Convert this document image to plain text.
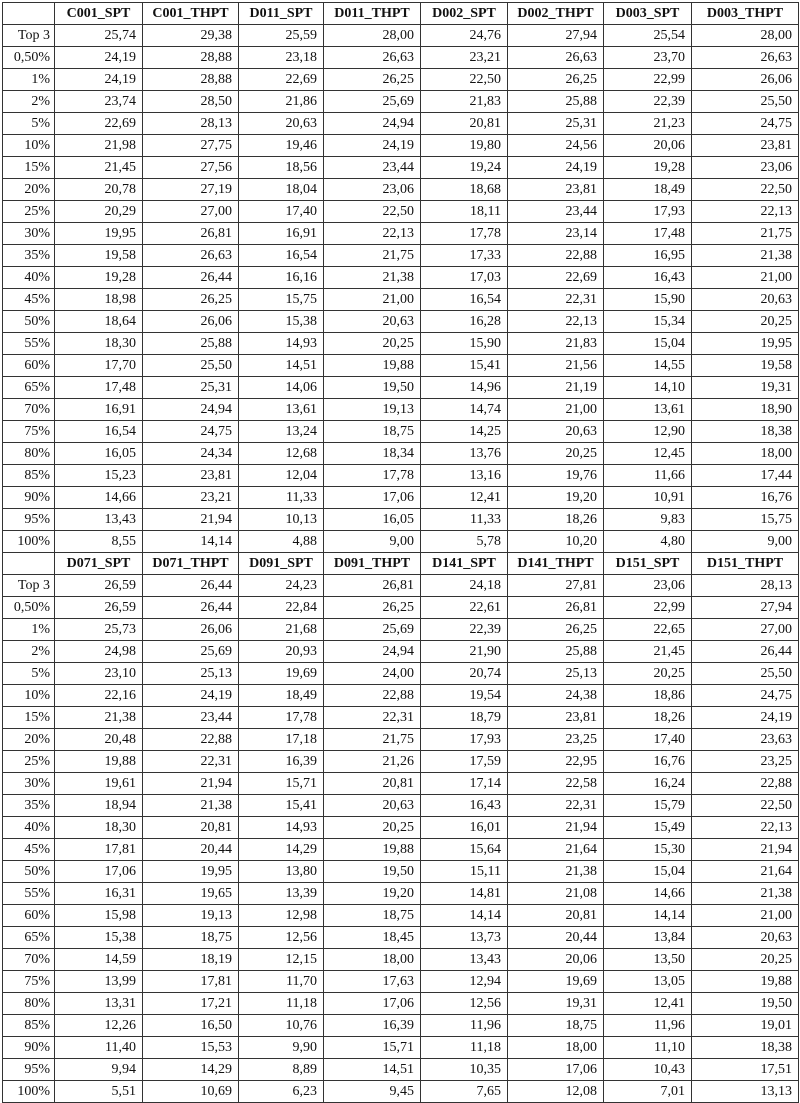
	C001_SPT	C001_THPT	D011_SPT	D011_THPT	D002_SPT	D002_THPT	D003_SPT	D003_THPT
Top 3	25,74	29,38	25,59	28,00	24,76	27,94	25,54	28,00
0,50%	24,19	28,88	23,18	26,63	23,21	26,63	23,70	26,63
1%	24,19	28,88	22,69	26,25	22,50	26,25	22,99	26,06
2%	23,74	28,50	21,86	25,69	21,83	25,88	22,39	25,50
5%	22,69	28,13	20,63	24,94	20,81	25,31	21,23	24,75
10%	21,98	27,75	19,46	24,19	19,80	24,56	20,06	23,81
15%	21,45	27,56	18,56	23,44	19,24	24,19	19,28	23,06
20%	20,78	27,19	18,04	23,06	18,68	23,81	18,49	22,50
25%	20,29	27,00	17,40	22,50	18,11	23,44	17,93	22,13
30%	19,95	26,81	16,91	22,13	17,78	23,14	17,48	21,75
35%	19,58	26,63	16,54	21,75	17,33	22,88	16,95	21,38
40%	19,28	26,44	16,16	21,38	17,03	22,69	16,43	21,00
45%	18,98	26,25	15,75	21,00	16,54	22,31	15,90	20,63
50%	18,64	26,06	15,38	20,63	16,28	22,13	15,34	20,25
55%	18,30	25,88	14,93	20,25	15,90	21,83	15,04	19,95
60%	17,70	25,50	14,51	19,88	15,41	21,56	14,55	19,58
65%	17,48	25,31	14,06	19,50	14,96	21,19	14,10	19,31
70%	16,91	24,94	13,61	19,13	14,74	21,00	13,61	18,90
75%	16,54	24,75	13,24	18,75	14,25	20,63	12,90	18,38
80%	16,05	24,34	12,68	18,34	13,76	20,25	12,45	18,00
85%	15,23	23,81	12,04	17,78	13,16	19,76	11,66	17,44
90%	14,66	23,21	11,33	17,06	12,41	19,20	10,91	16,76
95%	13,43	21,94	10,13	16,05	11,33	18,26	9,83	15,75
100%	8,55	14,14	4,88	9,00	5,78	10,20	4,80	9,00
	D071_SPT	D071_THPT	D091_SPT	D091_THPT	D141_SPT	D141_THPT	D151_SPT	D151_THPT
Top 3	26,59	26,44	24,23	26,81	24,18	27,81	23,06	28,13
0,50%	26,59	26,44	22,84	26,25	22,61	26,81	22,99	27,94
1%	25,73	26,06	21,68	25,69	22,39	26,25	22,65	27,00
2%	24,98	25,69	20,93	24,94	21,90	25,88	21,45	26,44
5%	23,10	25,13	19,69	24,00	20,74	25,13	20,25	25,50
10%	22,16	24,19	18,49	22,88	19,54	24,38	18,86	24,75
15%	21,38	23,44	17,78	22,31	18,79	23,81	18,26	24,19
20%	20,48	22,88	17,18	21,75	17,93	23,25	17,40	23,63
25%	19,88	22,31	16,39	21,26	17,59	22,95	16,76	23,25
30%	19,61	21,94	15,71	20,81	17,14	22,58	16,24	22,88
35%	18,94	21,38	15,41	20,63	16,43	22,31	15,79	22,50
40%	18,30	20,81	14,93	20,25	16,01	21,94	15,49	22,13
45%	17,81	20,44	14,29	19,88	15,64	21,64	15,30	21,94
50%	17,06	19,95	13,80	19,50	15,11	21,38	15,04	21,64
55%	16,31	19,65	13,39	19,20	14,81	21,08	14,66	21,38
60%	15,98	19,13	12,98	18,75	14,14	20,81	14,14	21,00
65%	15,38	18,75	12,56	18,45	13,73	20,44	13,84	20,63
70%	14,59	18,19	12,15	18,00	13,43	20,06	13,50	20,25
75%	13,99	17,81	11,70	17,63	12,94	19,69	13,05	19,88
80%	13,31	17,21	11,18	17,06	12,56	19,31	12,41	19,50
85%	12,26	16,50	10,76	16,39	11,96	18,75	11,96	19,01
90%	11,40	15,53	9,90	15,71	11,18	18,00	11,10	18,38
95%	9,94	14,29	8,89	14,51	10,35	17,06	10,43	17,51
100%	5,51	10,69	6,23	9,45	7,65	12,08	7,01	13,13
